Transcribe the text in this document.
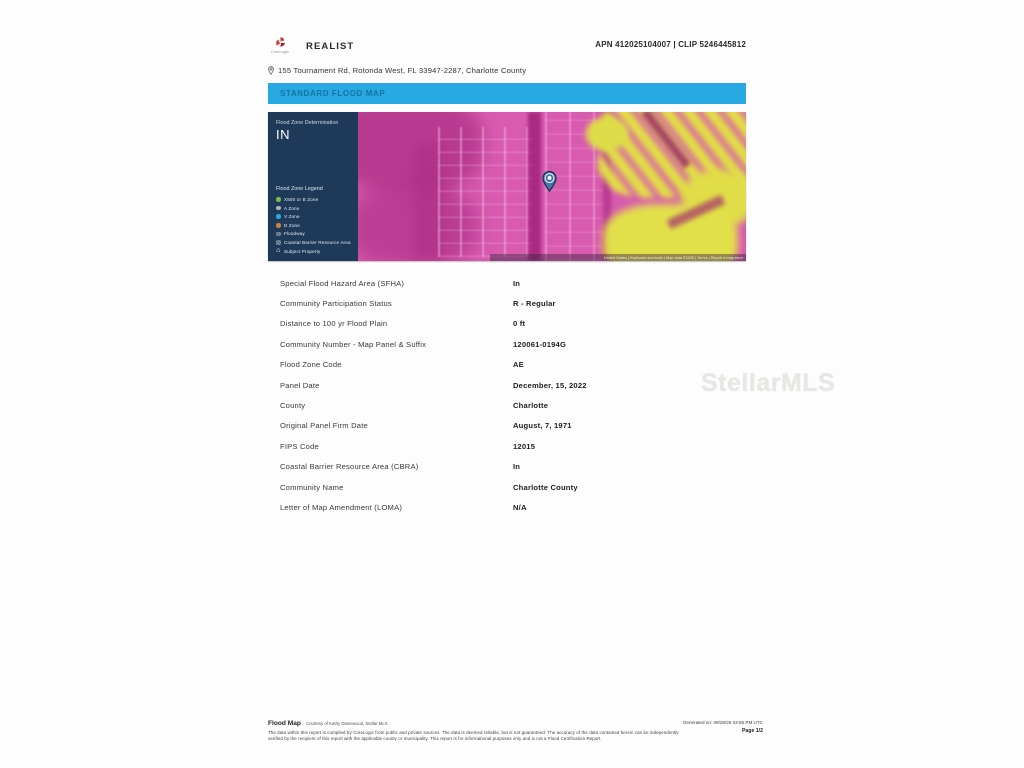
CoreLogic
REALIST	APN 412025104007 | CLIP 5246445812
155 Tournament Rd, Rotonda West, FL 33947-2287, Charlotte County
STANDARD FLOOD MAP
Flood Zone Determination
IN
Flood Zone Legend
X500 or B Zone
A Zone
V Zone
D Zone
Floodway
Coastal Barrier Resource Area
⌂ Subject Property
United States | Keyboard shortcuts | Map data ©2025 | Terms | Report a map error
Special Flood Hazard Area (SFHA)	In
Community Participation Status	R - Regular
Distance to 100 yr Flood Plain	0 ft
Community Number - Map Panel & Suffix	120061-0194G
Flood Zone Code	AE
Panel Date	December, 15, 2022
County	Charlotte
Original Panel Firm Date	August, 7, 1971
FIPS Code	12015
Coastal Barrier Resource Area (CBRA)	In
Community Name	Charlotte County
Letter of Map Amendment (LOMA)	N/A
StellarMLS
Flood Map Courtesy of Kathy Damewood, Stellar MLS
The data within this report is compiled by CoreLogic from public and private sources. The data is deemed reliable, but is not guaranteed. The accuracy of the data contained herein can be independently verified by the recipient of this report with the applicable county or municipality. This report is for informational purposes only and is not a Flood Certification Report.
Generated on: 09/28/25 03:55 PM UTC
Page 1/2
